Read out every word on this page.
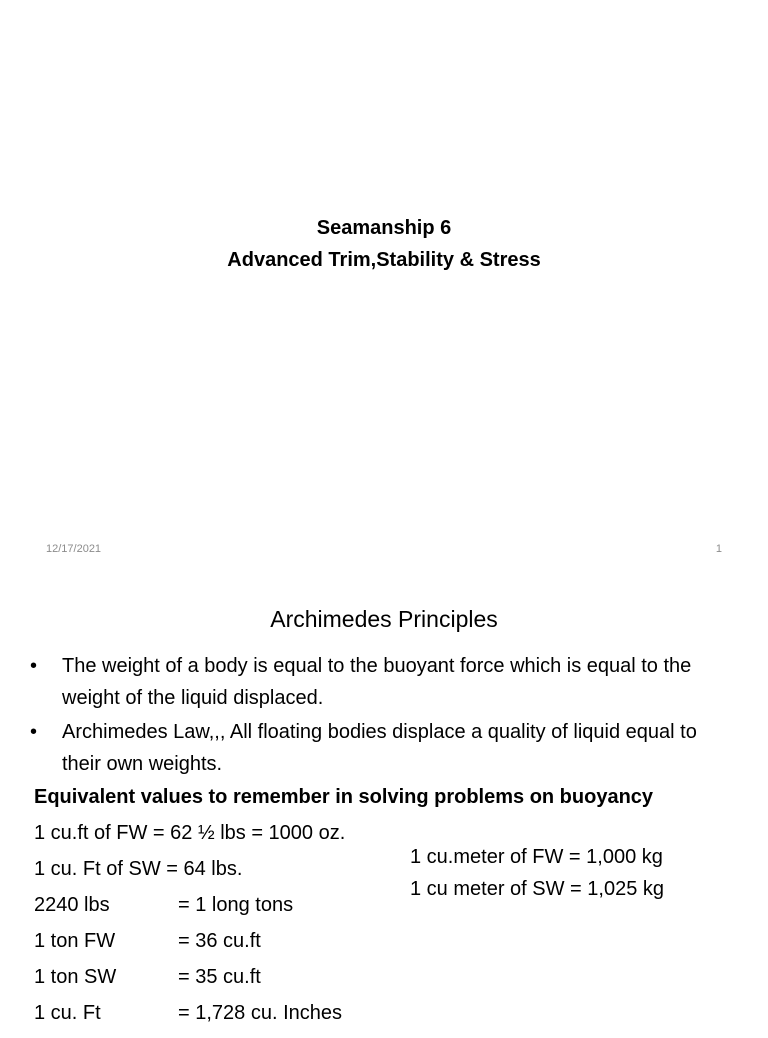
Seamanship 6
Advanced Trim,Stability & Stress
12/17/2021	1
Archimedes Principles
• The weight of a body is equal to the buoyant force which is equal to the weight of the liquid displaced.
• Archimedes Law,,, All floating bodies displace a quality of liquid equal to their own weights.
Equivalent values to remember in solving problems on buoyancy
1 cu.ft of FW = 62 ½ lbs = 1000 oz.
1 cu. Ft of SW = 64 lbs.
2240 lbs	= 1 long tons
1 ton FW	= 36 cu.ft
1 ton SW	= 35 cu.ft
1 cu. Ft	= 1,728 cu. Inches
1 cu.meter of FW = 1,000 kg
1 cu meter of SW = 1,025 kg
